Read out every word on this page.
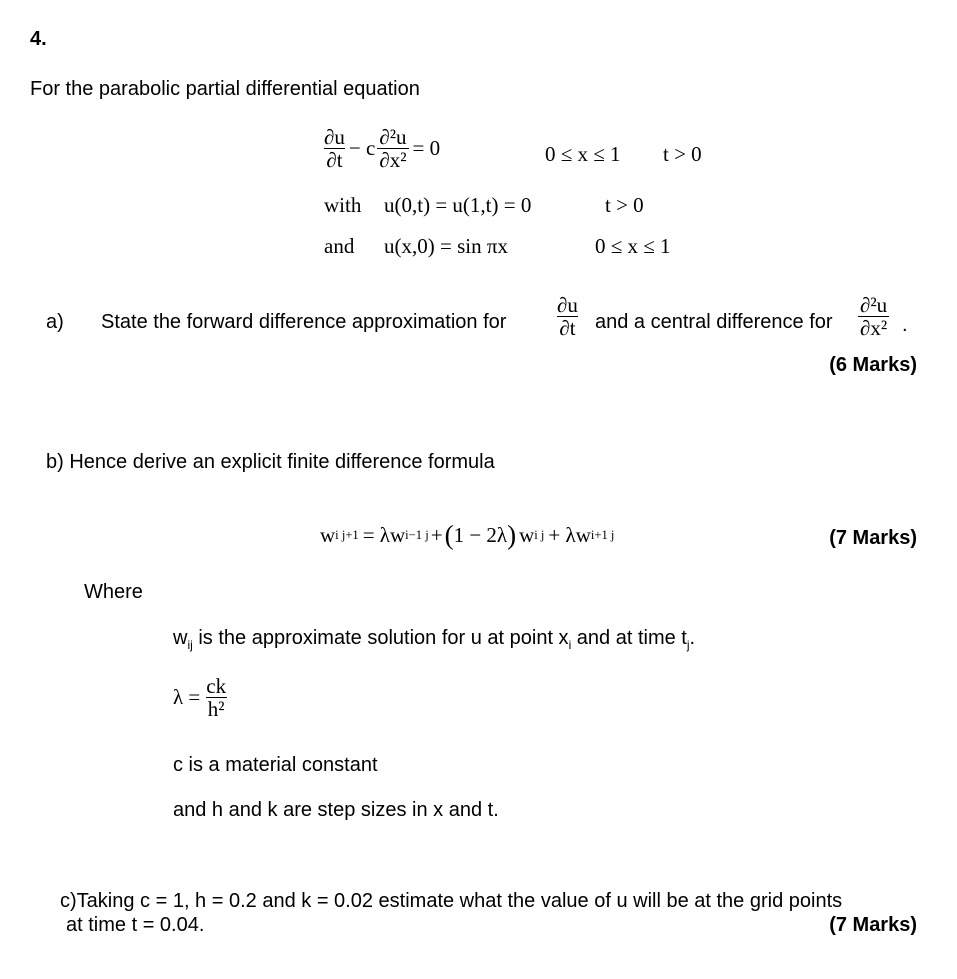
4.
For the parabolic partial differential equation
$\frac{\partial u}{\partial t} - c \frac{\text{∂²u}}{\text{∂x²}} = 0$	0 ≤ x ≤ 1 t > 0
with u(0,t) = u(1,t) = 0	t > 0
and u(x,0) = sin πx	0 ≤ x ≤ 1
a) State the forward difference approximation for $\frac{\partial u}{\partial t}$ and a central difference for $\frac{\text{∂²u}}{\text{∂x²}}$ .
(6 Marks)
b) Hence derive an explicit finite difference formula
w i j+1 = λw i−1 j + ( 1 − 2λ ) w i j + λw i+1 j	(7 Marks)
Where
$w_{ij}$ is the approximate solution for u at point $x_i$ and at time $t_j$.
$\lambda = \frac{ck}{\text{h²}}$
c is a material constant
and h and k are step sizes in x and t.
c)Taking c = 1, h = 0.2 and k = 0.02 estimate what the value of u will be at the grid points
at time t = 0.04.	(7 Marks)
